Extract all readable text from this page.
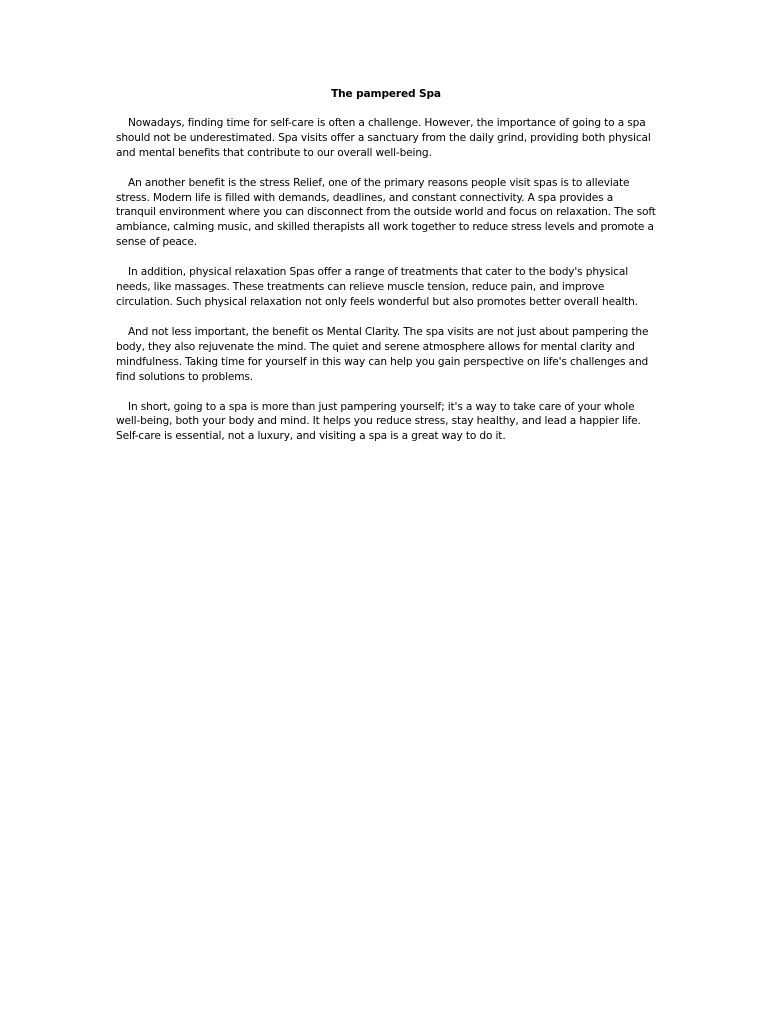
The pampered Spa

Nowadays, finding time for self-care is often a challenge. However, the importance of going to a spa should not be underestimated. Spa visits offer a sanctuary from the daily grind, providing both physical and mental benefits that contribute to our overall well-being.

An another benefit is the stress Relief, one of the primary reasons people visit spas is to alleviate stress. Modern life is filled with demands, deadlines, and constant connectivity. A spa provides a tranquil environment where you can disconnect from the outside world and focus on relaxation. The soft ambiance, calming music, and skilled therapists all work together to reduce stress levels and promote a sense of peace.

In addition, physical relaxation Spas offer a range of treatments that cater to the body's physical needs, like massages. These treatments can relieve muscle tension, reduce pain, and improve circulation. Such physical relaxation not only feels wonderful but also promotes better overall health.

And not less important, the benefit os Mental Clarity. The spa visits are not just about pampering the body, they also rejuvenate the mind. The quiet and serene atmosphere allows for mental clarity and mindfulness. Taking time for yourself in this way can help you gain perspective on life's challenges and find solutions to problems.

In short, going to a spa is more than just pampering yourself; it's a way to take care of your whole well-being, both your body and mind. It helps you reduce stress, stay healthy, and lead a happier life. Self-care is essential, not a luxury, and visiting a spa is a great way to do it.
